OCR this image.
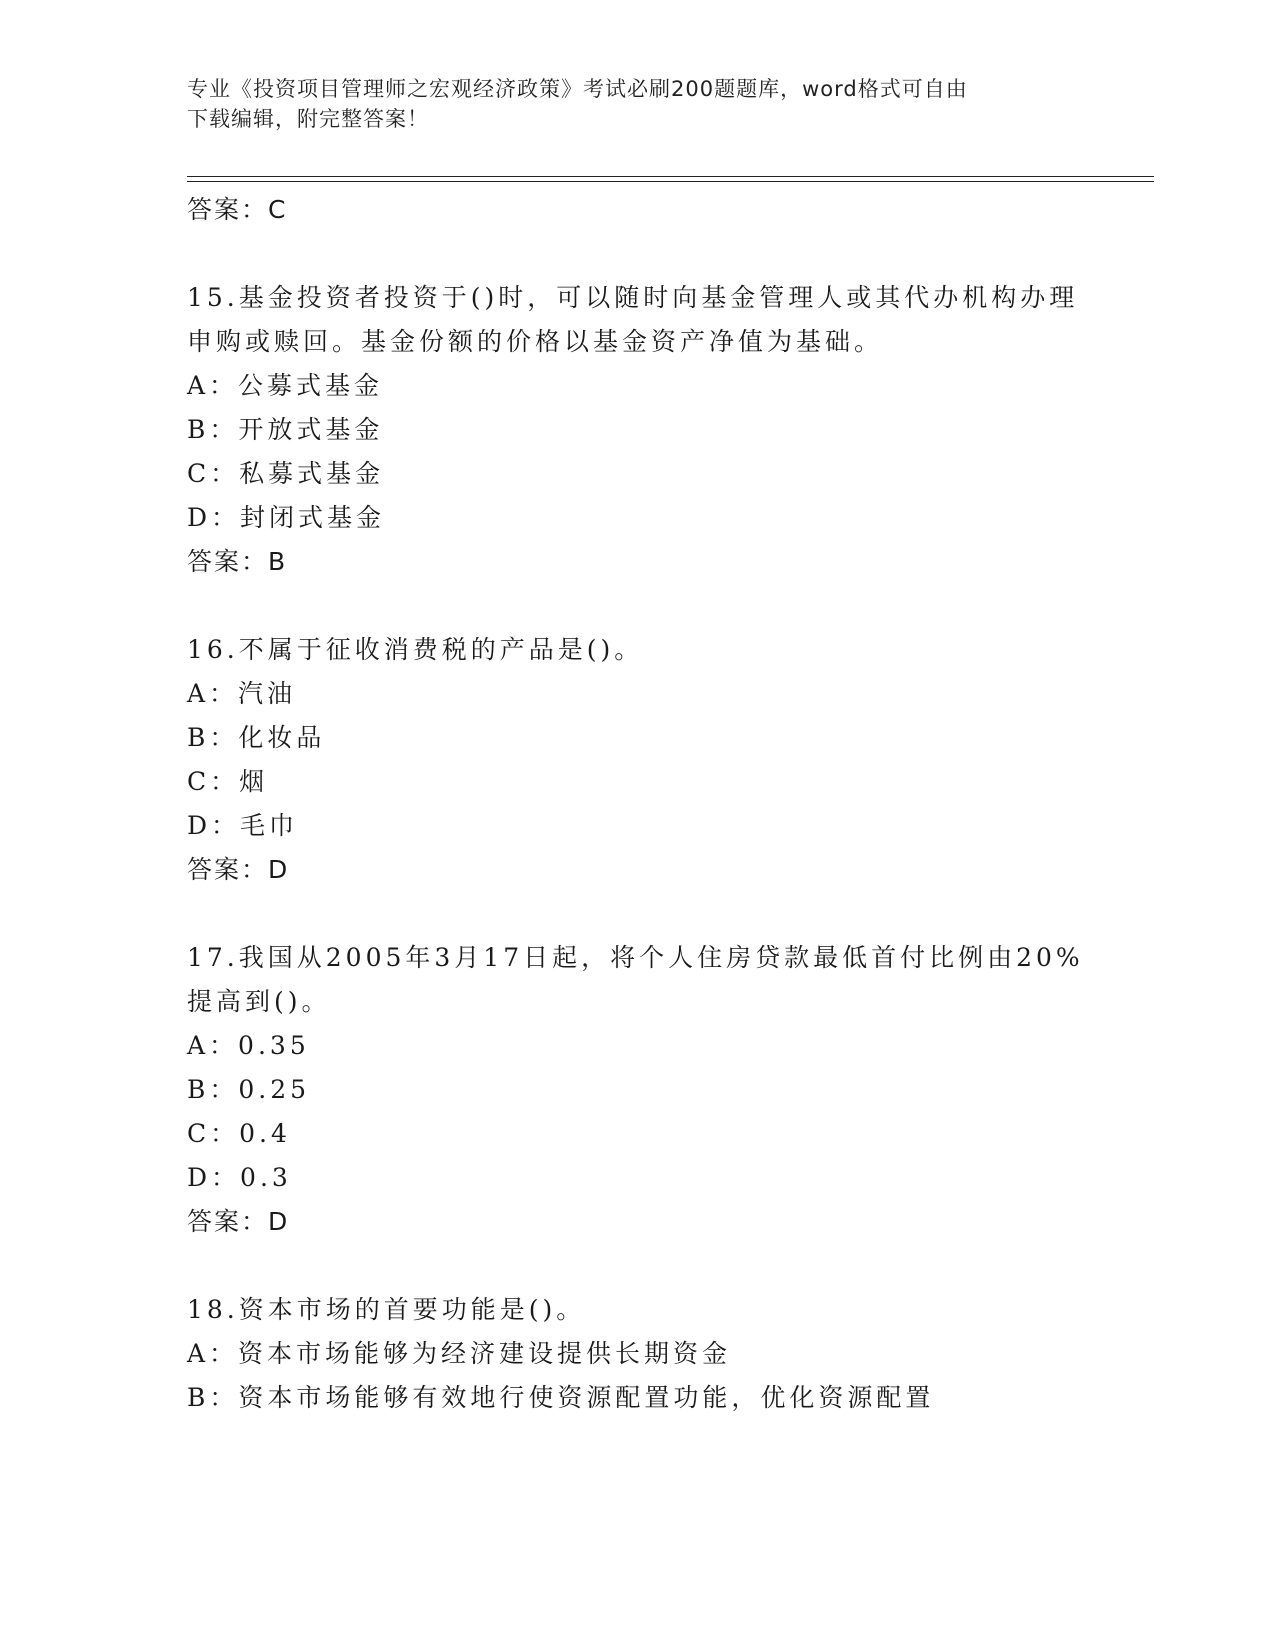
专业《投资项目管理师之宏观经济政策》考试必刷200题题库，word格式可自由
下载编辑，附完整答案！
答案：C
15.基金投资者投资于()时，可以随时向基金管理人或其代办机构办理
申购或赎回。基金份额的价格以基金资产净值为基础。
A：公募式基金
B：开放式基金
C：私募式基金
D：封闭式基金
答案：B
16.不属于征收消费税的产品是()。
A：汽油
B：化妆品
C：烟
D：毛巾
答案：D
17.我国从2005年3月17日起，将个人住房贷款最低首付比例由20%
提高到()。
A：0.35
B：0.25
C：0.4
D：0.3
答案：D
18.资本市场的首要功能是()。
A：资本市场能够为经济建设提供长期资金
B：资本市场能够有效地行使资源配置功能，优化资源配置
